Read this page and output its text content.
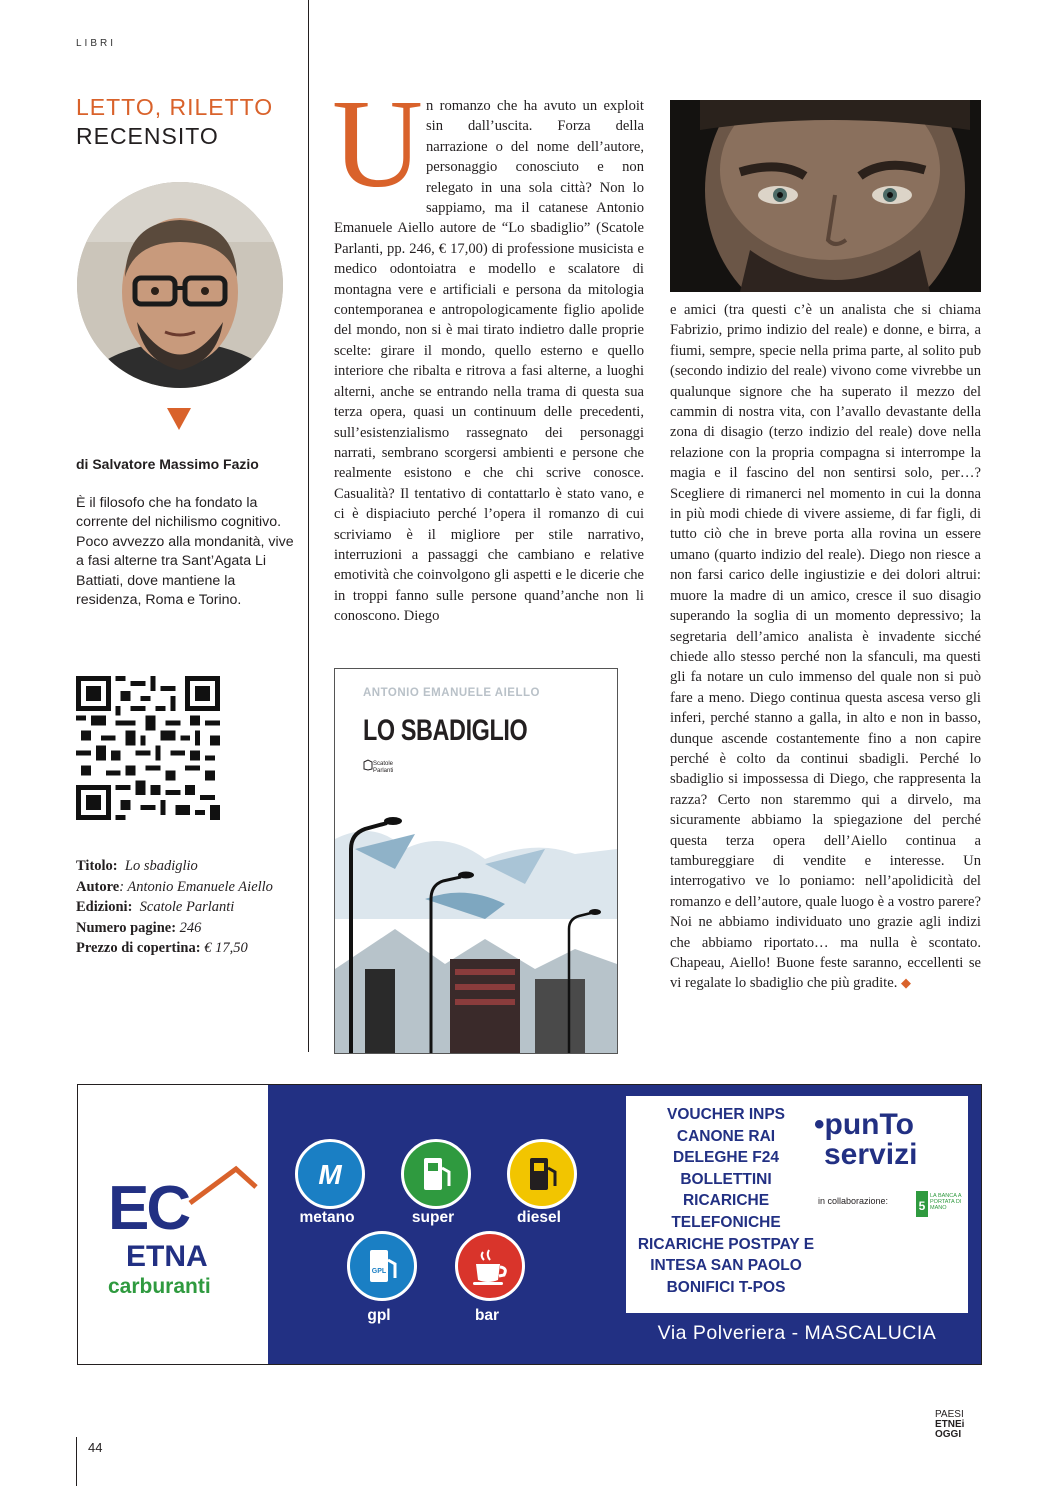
LIBRI
LETTO, RILETTO
RECENSITO
di Salvatore Massimo Fazio
È il filosofo che ha fondato la corrente del nichilismo cognitivo. Poco avvezzo alla mondanità, vive a fasi alterne tra Sant’Agata Li Battiati, dove mantiene la residenza, Roma e Torino.
Titolo: Lo sbadiglio
Autore: Antonio Emanuele Aiello
Edizioni: Scatole Parlanti
Numero pagine: 246
Prezzo di copertina: € 17,50
U n romanzo che ha avuto un exploit sin dall’uscita. Forza della narrazione o del nome dell’autore, personaggio conosciuto e non relegato in una sola città? Non lo sappiamo, ma il catanese Antonio Emanuele Aiello autore de “Lo sbadiglio” (Scatole Parlanti, pp. 246, € 17,00) di professione musicista e medico odontoiatra e modello e scalatore di montagna vere e artificiali e persona da mitologia contemporanea e antropologicamente figlio apolide del mondo, non si è mai tirato indietro dalle proprie scelte: girare il mondo, quello esterno e quello interiore che ribalta e ritrova a fasi alterne, a luoghi alterni, anche se entrando nella trama di questa sua terza opera, quasi un continuum delle precedenti, sull’esistenzialismo rassegnato dei personaggi narrati, sembrano scorgersi ambienti e persone che realmente esistono e che chi scrive conosce. Casualità? Il tentativo di contattarlo è stato vano, e ci è dispiaciuto perché l’opera il romanzo di cui scriviamo è il migliore per stile narrativo, interruzioni a passaggi che cambiano e relative emotività che coinvolgono gli aspetti e le dicerie che in troppi fanno sulle persone quand’anche non li conoscono. Diego

ANTONIO EMANUELE AIELLO
LO SBADIGLIO
Scatole
Parlanti

e amici (tra questi c’è un analista che si chiama Fabrizio, primo indizio del reale) e donne, e birra, a fiumi, sempre, specie nella prima parte, al solito pub (secondo indizio del reale) vivono come vivrebbe un qualunque signore che ha superato il mezzo del cammin di nostra vita, con l’avallo devastante della zona di disagio (terzo indizio del reale) dove nella relazione con la propria compagna si interrompe la magia e il fascino del non sentirsi solo, per…? Scegliere di rimanerci nel momento in cui la donna in più modi chiede di vivere assieme, di far figli, di tutto ciò che in breve porta alla rovina un essere umano (quarto indizio del reale). Diego non riesce a non farsi carico delle ingiustizie e dei dolori altrui: muore la madre di un amico, cresce il suo disagio superando la soglia di un momento depressivo; la segretaria dell’amico analista è invadente sicché chiede allo stesso perché non la sfanculi, ma questi gli fa notare un culo immenso del quale non si può fare a meno. Diego continua questa ascesa verso gli inferi, perché stanno a galla, in alto e non in basso, dunque ascende costantemente fino a non capire perché è colto da continui sbadigli. Perché lo sbadiglio si impossessa di Diego, che rappresenta la razza? Certo non staremmo qui a dirvelo, ma sicuramente abbiamo la spiegazione del perché questa terza opera dell’Aiello continua a tambureggiare di vendite e interesse. Un interrogativo ve lo poniamo: nell’apolidicità del romanzo e dell’autore, quale luogo è a vostro parere? Noi ne abbiamo individuato uno grazie agli indizi che abbiamo riportato… ma nulla è scontato. Chapeau, Aiello! Buone feste saranno, eccellenti se vi regalate lo sbadiglio che più gradite. ◆

EC
ETNA
carburanti
M
metano	super	diesel
GPL
gpl	bar
VOUCHER INPS
CANONE RAI
DELEGHE F24
BOLLETTINI
RICARICHE
TELEFONICHE
RICARICHE POSTPAY E
INTESA SAN PAOLO
BONIFICI T-POS
•punTo
servizi
in collaborazione:	5
LA BANCA A PORTATA DI MANO
Via Polveriera - MASCALUCIA
44
PAESI
ETNEi
OGGI
